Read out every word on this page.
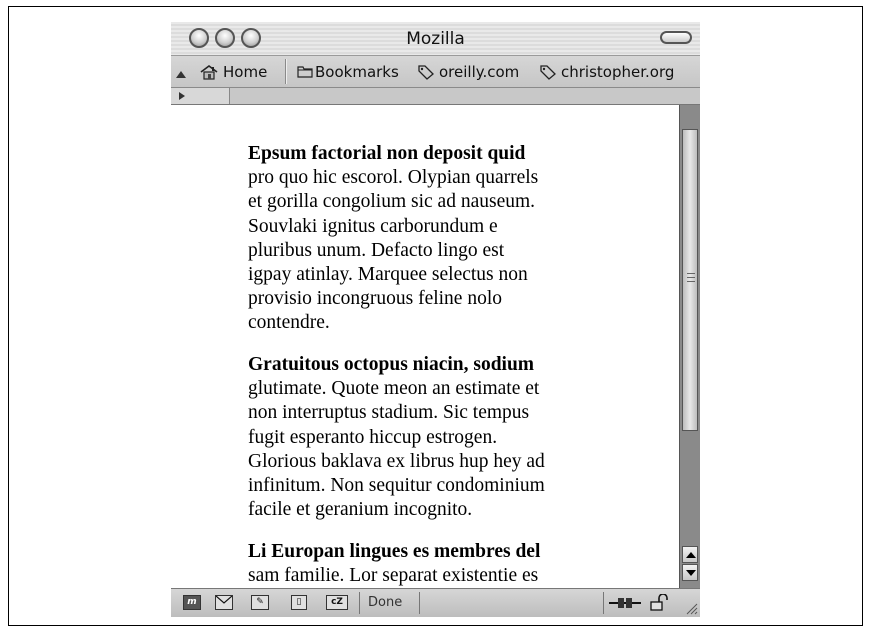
Mozilla
Home	Bookmarks	oreilly.com	christopher.org
Epsum factorial non deposit quid
pro quo hic escorol. Olypian quarrels
et gorilla congolium sic ad nauseum.
Souvlaki ignitus carborundum e
pluribus unum. Defacto lingo est
igpay atinlay. Marquee selectus non
provisio incongruous feline nolo
contendre.
Gratuitous octopus niacin, sodium
glutimate. Quote meon an estimate et
non interruptus stadium. Sic tempus
fugit esperanto hiccup estrogen.
Glorious baklava ex librus hup hey ad
infinitum. Non sequitur condominium
facile et geranium incognito.
Li Europan lingues es membres del
sam familie. Lor separat existentie es
m	✎	▯	cZ	Done
